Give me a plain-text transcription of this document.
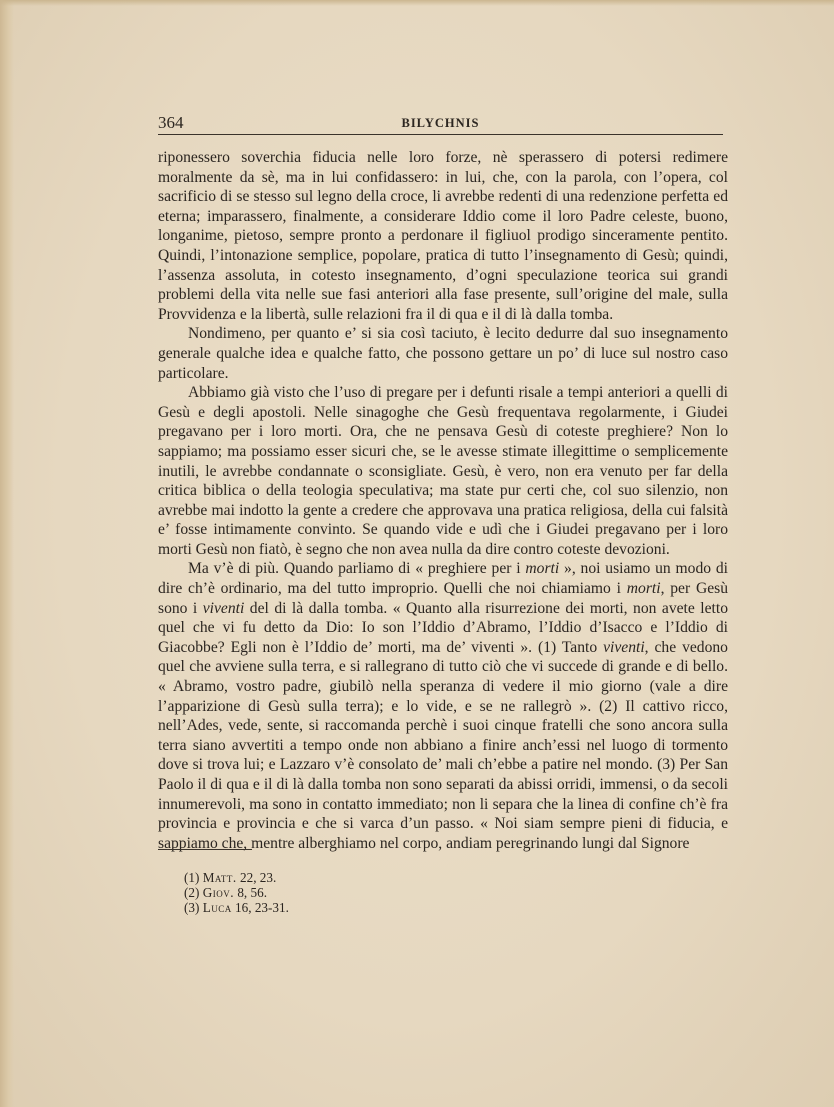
364	BILYCHNIS

riponessero soverchia fiducia nelle loro forze, nè sperassero di potersi redimere moralmente da sè, ma in lui confidassero: in lui, che, con la parola, con l’opera, col sacrificio di se stesso sul legno della croce, li avrebbe redenti di una redenzione perfetta ed eterna; imparassero, finalmente, a considerare Iddio come il loro Padre celeste, buono, longanime, pietoso, sempre pronto a perdonare il figliuol prodigo sinceramente pentito. Quindi, l’intonazione semplice, popolare, pratica di tutto l’insegnamento di Gesù; quindi, l’assenza assoluta, in cotesto insegnamento, d’ogni speculazione teorica sui grandi problemi della vita nelle sue fasi anteriori alla fase presente, sull’origine del male, sulla Provvidenza e la libertà, sulle relazioni fra il di qua e il di là dalla tomba.

Nondimeno, per quanto e’ si sia così taciuto, è lecito dedurre dal suo insegnamento generale qualche idea e qualche fatto, che possono gettare un po’ di luce sul nostro caso particolare.

Abbiamo già visto che l’uso di pregare per i defunti risale a tempi anteriori a quelli di Gesù e degli apostoli. Nelle sinagoghe che Gesù frequentava regolarmente, i Giudei pregavano per i loro morti. Ora, che ne pensava Gesù di coteste preghiere? Non lo sappiamo; ma possiamo esser sicuri che, se le avesse stimate illegittime o semplicemente inutili, le avrebbe condannate o sconsigliate. Gesù, è vero, non era venuto per far della critica biblica o della teologia speculativa; ma state pur certi che, col suo silenzio, non avrebbe mai indotto la gente a credere che approvava una pratica religiosa, della cui falsità e’ fosse intimamente convinto. Se quando vide e udì che i Giudei pregavano per i loro morti Gesù non fiatò, è segno che non avea nulla da dire contro coteste devozioni.

Ma v’è di più. Quando parliamo di « preghiere per i morti », noi usiamo un modo di dire ch’è ordinario, ma del tutto improprio. Quelli che noi chiamiamo i morti, per Gesù sono i viventi del di là dalla tomba. « Quanto alla risurrezione dei morti, non avete letto quel che vi fu detto da Dio: Io son l’Iddio d’Abramo, l’Iddio d’Isacco e l’Iddio di Giacobbe? Egli non è l’Iddio de’ morti, ma de’ viventi ». (1) Tanto viventi, che vedono quel che avviene sulla terra, e si rallegrano di tutto ciò che vi succede di grande e di bello. « Abramo, vostro padre, giubilò nella speranza di vedere il mio giorno (vale a dire l’apparizione di Gesù sulla terra); e lo vide, e se ne rallegrò ». (2) Il cattivo ricco, nell’Ades, vede, sente, si raccomanda perchè i suoi cinque fratelli che sono ancora sulla terra siano avvertiti a tempo onde non abbiano a finire anch’essi nel luogo di tormento dove si trova lui; e Lazzaro v’è consolato de’ mali ch’ebbe a patire nel mondo. (3) Per San Paolo il di qua e il di là dalla tomba non sono separati da abissi orridi, immensi, o da secoli innumerevoli, ma sono in contatto immediato; non li separa che la linea di confine ch’è fra provincia e provincia e che si varca d’un passo. « Noi siam sempre pieni di fiducia, e sappiamo che, mentre alberghiamo nel corpo, andiam peregrinando lungi dal Signore

(1) Matt. 22, 23.
(2) Giov. 8, 56.
(3) Luca 16, 23-31.
